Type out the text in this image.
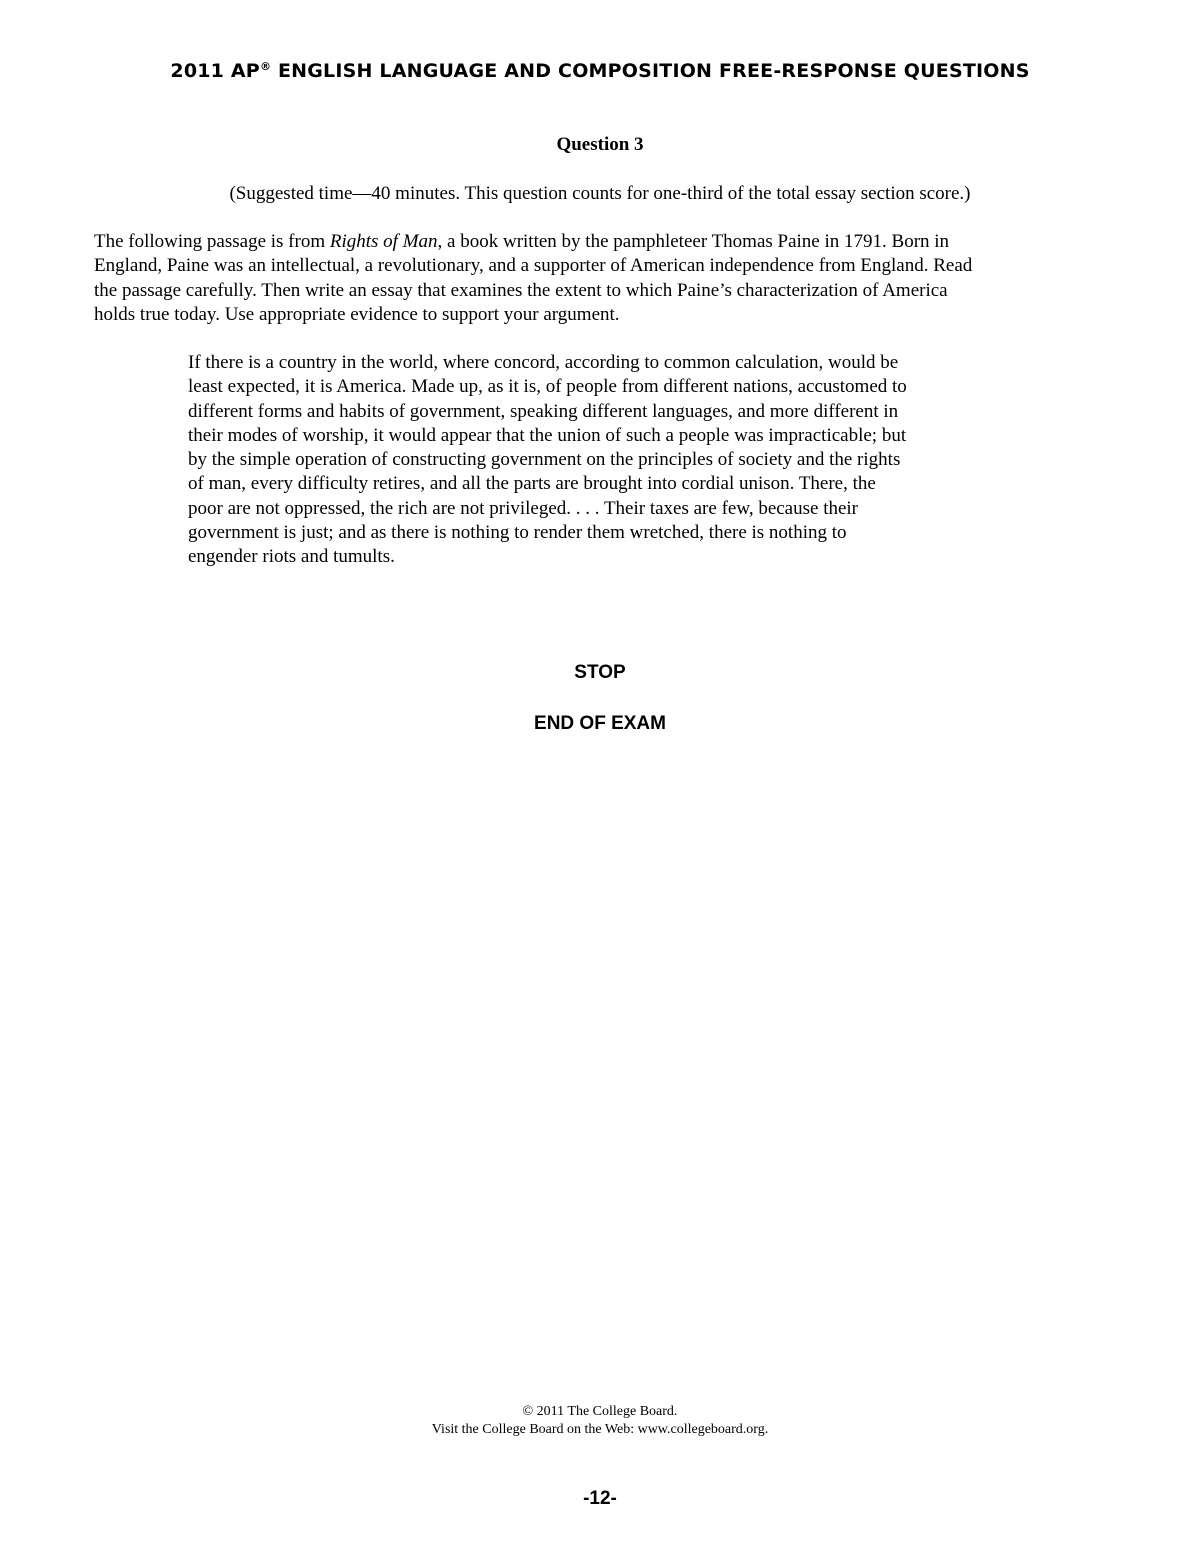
2011 AP® ENGLISH LANGUAGE AND COMPOSITION FREE-RESPONSE QUESTIONS
Question 3
(Suggested time—40 minutes. This question counts for one-third of the total essay section score.)
The following passage is from Rights of Man, a book written by the pamphleteer Thomas Paine in 1791. Born in
England, Paine was an intellectual, a revolutionary, and a supporter of American independence from England. Read
the passage carefully. Then write an essay that examines the extent to which Paine’s characterization of America
holds true today. Use appropriate evidence to support your argument.
If there is a country in the world, where concord, according to common calculation, would be
least expected, it is America. Made up, as it is, of people from different nations, accustomed to
different forms and habits of government, speaking different languages, and more different in
their modes of worship, it would appear that the union of such a people was impracticable; but
by the simple operation of constructing government on the principles of society and the rights
of man, every difficulty retires, and all the parts are brought into cordial unison. There, the
poor are not oppressed, the rich are not privileged. . . . Their taxes are few, because their
government is just; and as there is nothing to render them wretched, there is nothing to
engender riots and tumults.
STOP
END OF EXAM
© 2011 The College Board.
Visit the College Board on the Web: www.collegeboard.org.
-12-
